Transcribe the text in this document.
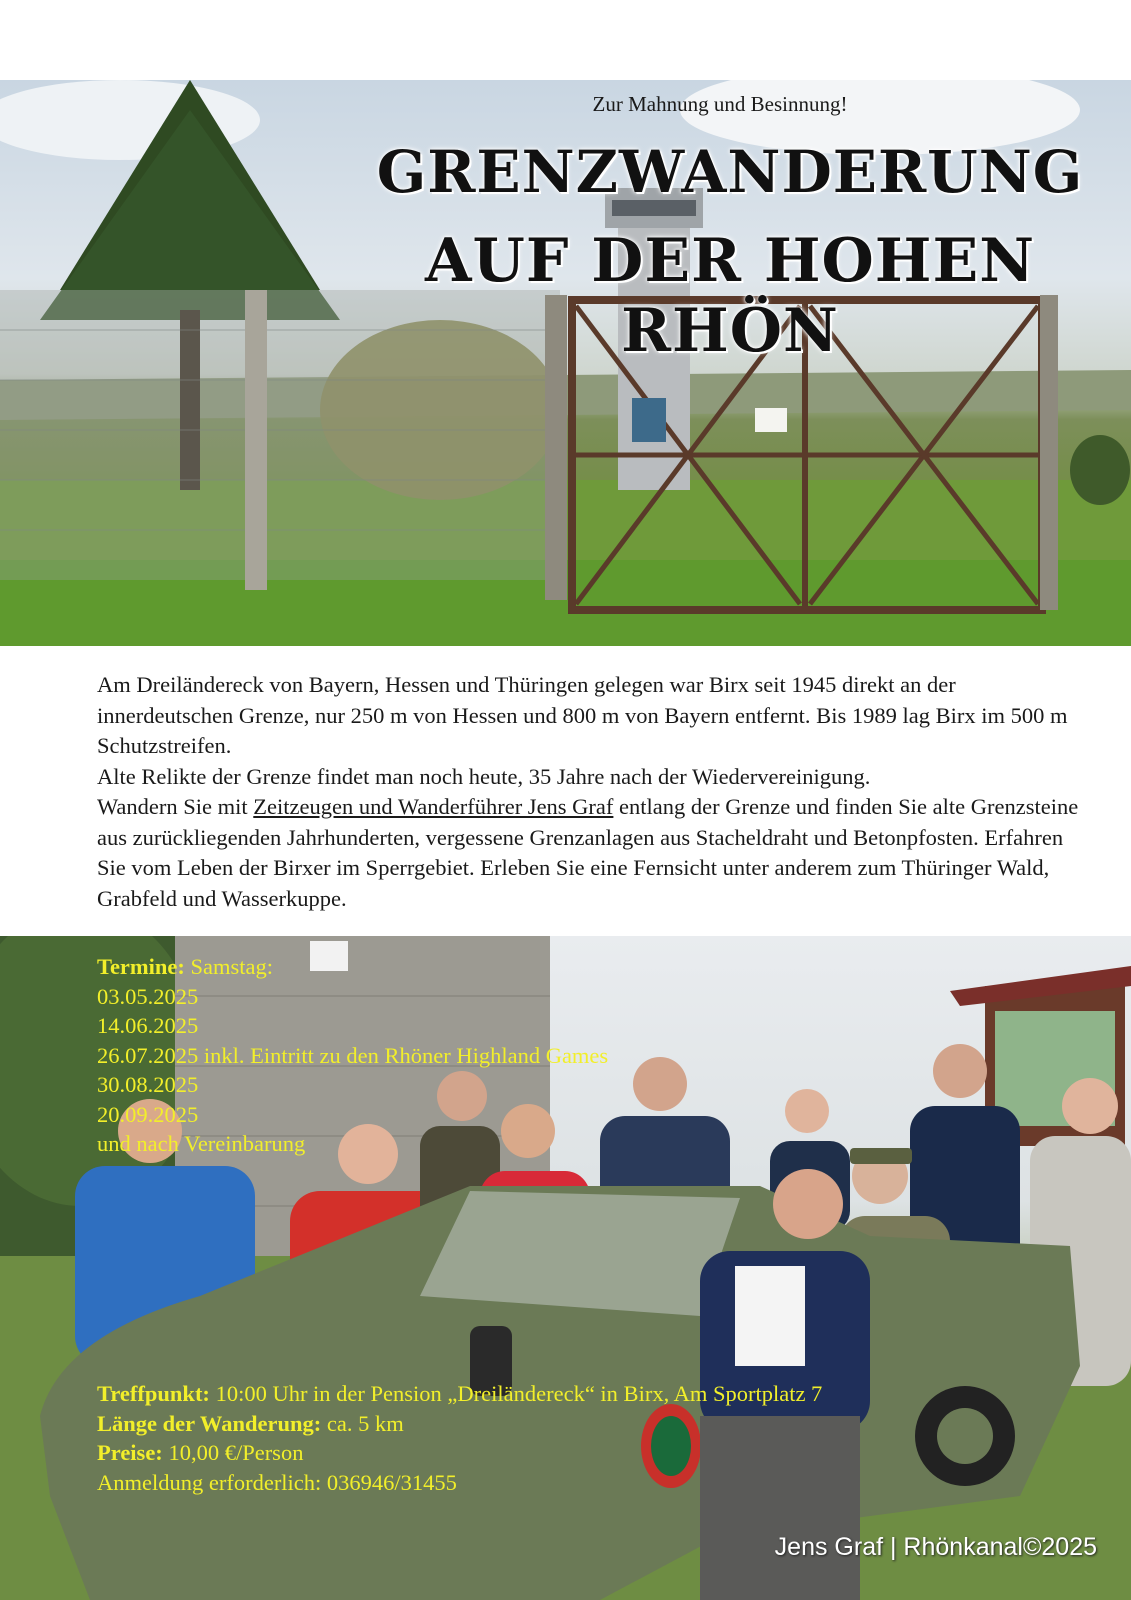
Zur Mahnung und Besinnung!
GRENZWANDERUNG
AUF DER HOHEN RHÖN

Am Dreiländereck von Bayern, Hessen und Thüringen gelegen war Birx seit 1945 direkt an der innerdeutschen Grenze, nur 250 m von Hessen und 800 m von Bayern entfernt. Bis 1989 lag Birx im 500 m Schutzstreifen.

Alte Relikte der Grenze findet man noch heute, 35 Jahre nach der Wiedervereinigung.

Wandern Sie mit Zeitzeugen und Wanderführer Jens Graf entlang der Grenze und finden Sie alte Grenzsteine aus zurückliegenden Jahrhunderten, vergessene Grenzanlagen aus Stacheldraht und Betonpfosten. Erfahren Sie vom Leben der Birxer im Sperrgebiet. Erleben Sie eine Fernsicht unter anderem zum Thüringer Wald, Grabfeld und Wasserkuppe.

Termine: Samstag:
03.05.2025
14.06.2025
26.07.2025 inkl. Eintritt zu den Rhöner Highland Games
30.08.2025
20.09.2025
und nach Vereinbarung
Treffpunkt: 10:00 Uhr in der Pension „Dreiländereck“ in Birx, Am Sportplatz 7
Länge der Wanderung: ca. 5 km
Preise: 10,00 €/Person
Anmeldung erforderlich: 036946/31455
Jens Graf | Rhönkanal©2025
